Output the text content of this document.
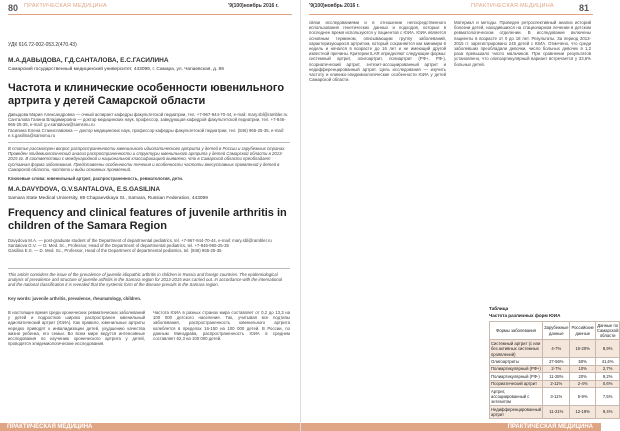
80 ПРАКТИЧЕСКАЯ МЕДИЦИНА	'9(100)ноябрь 2016 г.
УДК 616.72-002-053.2(470.43)
М.А.ДАВЫДОВА, Г.Д.САНТАЛОВА, Е.С.ГАСИЛИНА
Самарский государственный медицинский университет, 443099, г. Самара, ул. Чапаевская, д. 89
Частота и клинические особенности ювенильного артрита у детей Самарской области
Давыдова Мария Александровна — очный аспирант кафедры факультетской педиатрии, тел. +7-967-944-70-44, e-mail: mary.sbl@rambler.ru
Санталова Галина Владимировна — доктор медицинских наук, профессор, заведующая кафедрой факультетской педиатрии, тел. +7-846-965-25-35, e-mail: g.v.santalova@samsmu.ru
Гасилина Елена Станиславовна — доктор медицинских наук, профессор кафедры факультетской педиатрии, тел. (846) 965-25-35, e-mail: e.s.gasilina@samsmu.ru
В статье рассмотрен вопрос распространенности ювенильного идиопатического артрита у детей в России и зарубежных странах. Проведен эпидемиологический анализ распространенности и структуры ювенильного артрита у детей Самарской области в 2013-2015 гг. В соответствии с международной и национальной классификацией выявлено, что в Самарской области преобладает суставная форма заболевания. Представлены особенности течения и особенности частоты внесуставных проявлений у детей в Самарской области, частота и виды основных проявлений.
Ключевые слова: ювенильный артрит, распространенность, ревматология, дети.
M.A.DAVYDOVA, G.V.SANTALOVA, E.S.GASILINA
Samara State Medical University, 89 Chapaevskaya St., Samara, Russian Federation, 443099
Frequency and clinical features of juvenile arthritis in children of the Samara Region
Davydova M.A. — post-graduate student of the Department of departmental pediatrics, tel. +7-967-944-70-44, e-mail: mary.sbl@rambler.ru
Santalova G.V. — D. Med. Sc., Professor, Head of the Department of departmental pediatrics, tel. +7-846-965-25-35
Gasilina E.S. — D. Med. Sc., Professor, Head of the Department of departmental pediatrics, tel. (846) 965-25-35
This article considers the issue of the prevalence of juvenile idiopathic arthritis in children in Russia and foreign countries. The epidemiological analysis of prevalence and structure of juvenile arthritis in the Samara region for 2013-2015 was carried out. In accordance with the international and the national classification it is revealed that the systemic form of the disease prevails in the Samara region.
Key words: juvenile arthritis, prevalence, rheumatology, children.
В настоящее время среди хронических ревматических заболеваний у детей и подростков широко распространен ювенильный идиопатический артрит (ЮИА). Как правило, ювенильные артриты нередко приводят к инвалидизации детей, ухудшению качества жизни ребенка, его семьи. Во всем мире ведутся интенсивные исследования по изучению хронического артрита у детей, проводятся эпидемиологические исследования.
Частота ЮИА в разных странах мира составляет от 0,2 до 13,3 на 100 000 детского населения. Так, учитывая все подтипы заболевания, распространенность ювенильного артрита колеблется в пределах 16-150 на 100 000 детей. В России, по данным Минздрава, распространенность ЮИА в среднем составляет 62,3 на 100 000 детей.
ПРАКТИЧЕСКАЯ МЕДИЦИНА
'9(100)ноябрь 2016 г.	ПРАКТИЧЕСКАЯ МЕДИЦИНА	81
связи исследованиями и в отношении непосредственного использования генетических данных и подходов, которые в последнее время используются у пациентов с ЮИА. ЮИА является основным термином, описывающим группу заболеваний, характеризующихся артритом, который сохраняется как минимум 6 недель и начался в возрасте до 16 лет и не имеющий другой известной причины. Критерии ILAR определяют следующие формы: системный артрит, олигоартрит, полиартрит (РФ+, РФ-), псориатический артрит, энтезит-ассоциированный артрит и недифференцированный артрит. Цель исследования — изучить частоту и клинико-эпидемиологические особенности ЮИА у детей Самарской области.
Материал и методы. Проведен ретроспективный анализ историй болезни детей, находившихся на стационарном лечении в детском ревматологическом отделении. В исследование включены пациенты в возрасте от 0 до 18 лет. Результаты. За период 2013-2015 гг. зарегистрировано 245 детей с ЮИА. Отмечено, что среди заболевших преобладали девочки, число больных девочек в 1,2 раза превышало число мальчиков. При сравнении результатов установлено, что олигоартикулярный вариант встречается у 33,6% больных детей.
Таблица
Частота различных форм ЮИА
Формы заболевания	Зарубежные данные	Российские данные	Данные по Самарской области
Системный артрит (с или без активных системных проявлений)	4-7%	10-20%	8,9%
Олигоартриты	27-56%	50%	41,6%
Полиартикулярный (РФ+)	2-7%	10%	2,7%
Полиартикулярный (РФ-)	11-28%	20%	9,2%
Псориатический артрит	2-11%	2-4%	0,6%
Артрит, ассоциированный с энтезитом	3-11%	5-9%	7,5%
Недифференцированный артрит	11-21%	12-19%	9,4%
ПРАКТИЧЕСКАЯ МЕДИЦИНА
